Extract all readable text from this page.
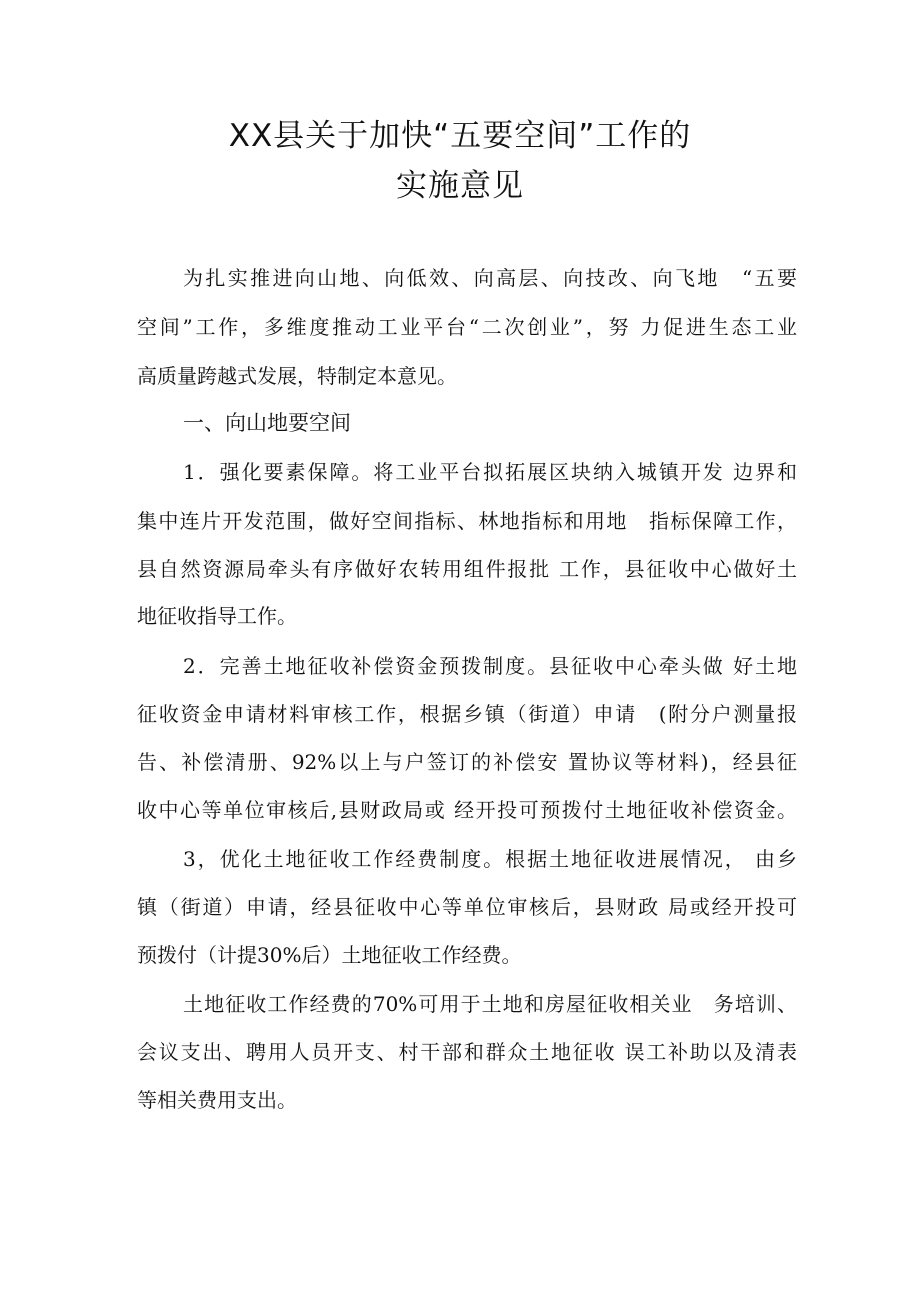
XX县关于加快“五要空间”工作的
实施意见
为扎实推进向山地、向低效、向高层、向技改、向飞地　“五要
空间”工作，多维度推动工业平台“二次创业”，努 力促进生态工业
高质量跨越式发展，特制定本意见。
一、向山地要空间
1．强化要素保障。将工业平台拟拓展区块纳入城镇开发 边界和
集中连片开发范围，做好空间指标、林地指标和用地　指标保障工作，
县自然资源局牵头有序做好农转用组件报批 工作，县征收中心做好土
地征收指导工作。
2．完善土地征收补偿资金预拨制度。县征收中心牵头做 好土地
征收资金申请材料审核工作，根据乡镇（街道）申请　(附分户测量报
告、补偿清册、92%以上与户签订的补偿安 置协议等材料)，经县征
收中心等单位审核后,县财政局或 经开投可预拨付土地征收补偿资金。
3，优化土地征收工作经费制度。根据土地征收进展情况， 由乡
镇（街道）申请，经县征收中心等单位审核后，县财政 局或经开投可
预拨付（计提30%后）土地征收工作经费。
土地征收工作经费的70%可用于土地和房屋征收相关业　务培训、
会议支出、聘用人员开支、村干部和群众土地征收 误工补助以及清表
等相关费用支出。
